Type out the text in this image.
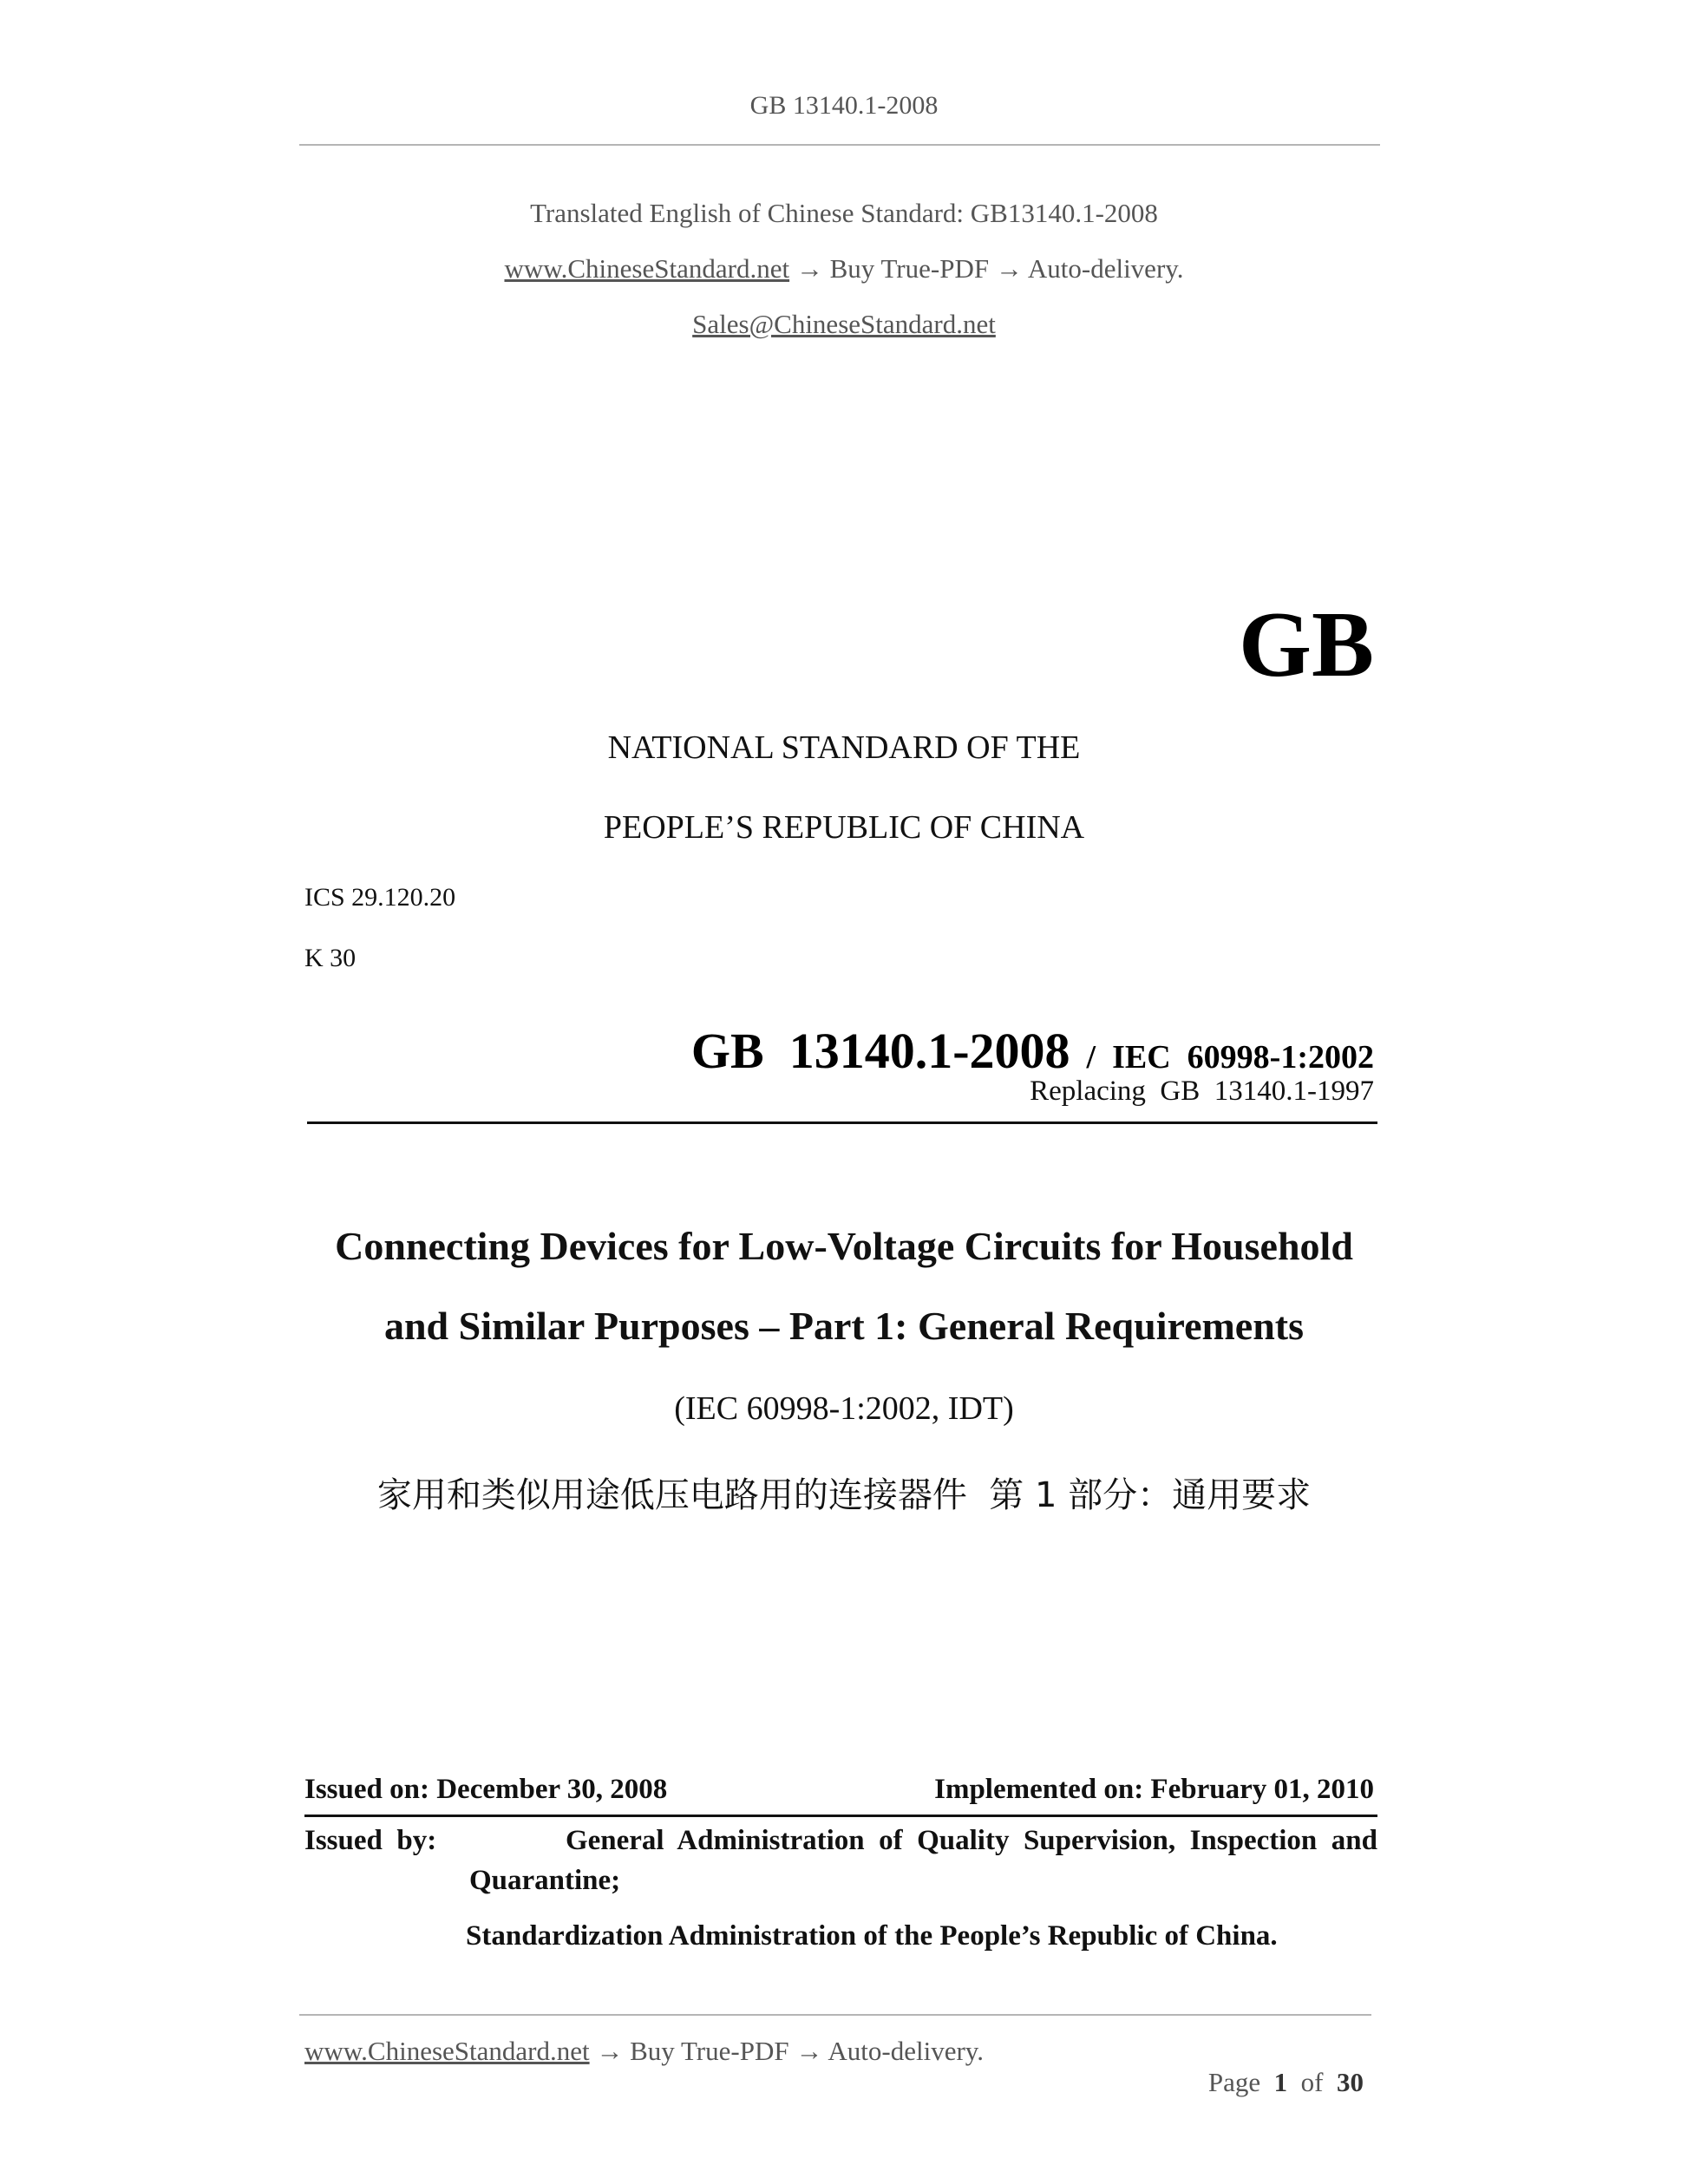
GB 13140.1-2008
Translated English of Chinese Standard: GB13140.1-2008
www.ChineseStandard.net → Buy True-PDF → Auto-delivery.
Sales@ChineseStandard.net
GB
NATIONAL STANDARD OF THE
PEOPLE’S REPUBLIC OF CHINA
ICS 29.120.20
K 30

GB  13140.1-2008 / IEC  60998-1:2002

Replacing  GB  13140.1-1997
Connecting Devices for Low-Voltage Circuits for Household
and Similar Purposes – Part 1: General Requirements
(IEC 60998-1:2002, IDT)
家用和类似用途低压电路用的连接器件  第 1 部分：通用要求
Issued on: December 30, 2008	Implemented on: February 01, 2010
Issued  by:	General  Administration  of  Quality  Supervision,  Inspection  and
Quarantine;
Standardization Administration of the People’s Republic of China.
www.ChineseStandard.net → Buy True-PDF → Auto-delivery.

Page 1 of 30
